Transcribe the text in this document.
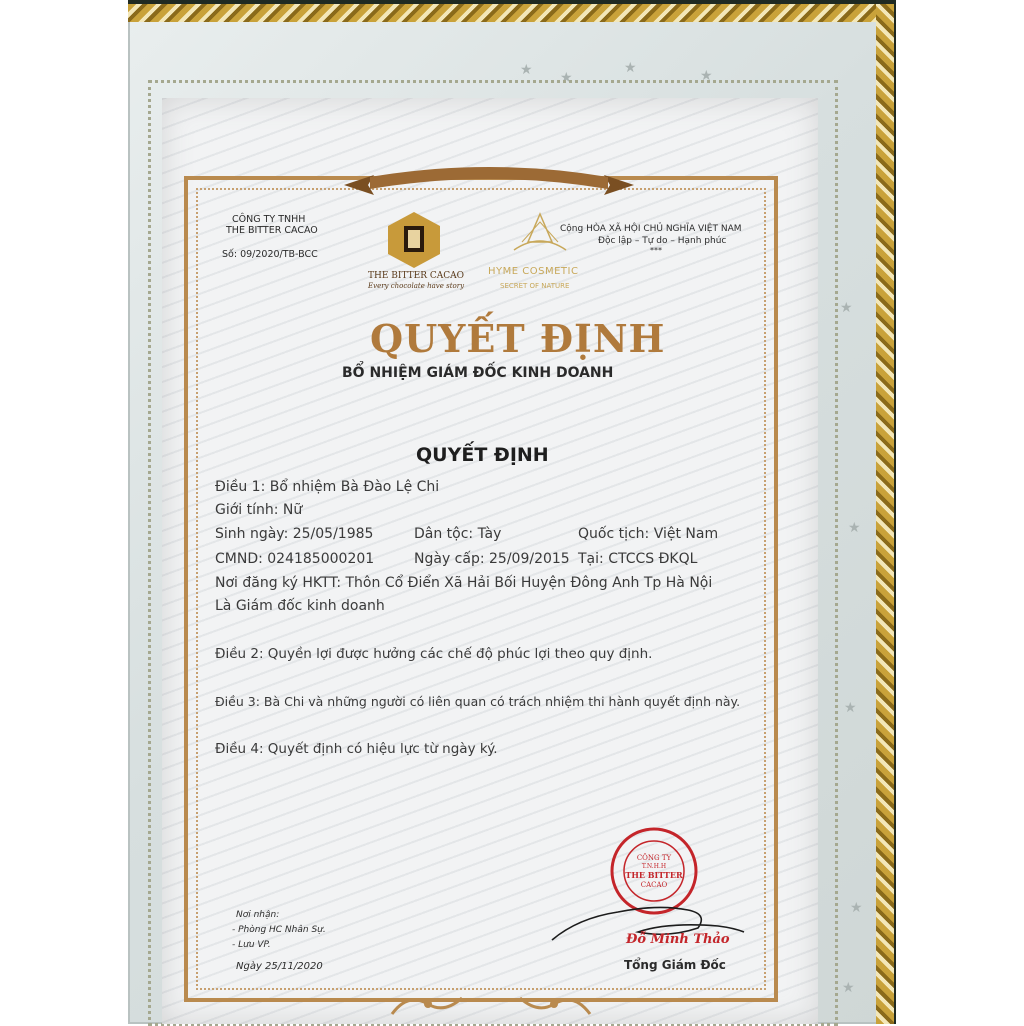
★ ★
★	★
★
★
★
★
★
CÔNG TY TNHH
THE BITTER CACAO
Số: 09/2020/TB-BCC
THE BITTER CACAO
Every chocolate have story
HYME COSMETIC
SECRET OF NATURE
Cộng HÒA XÃ HỘI CHỦ NGHĨA VIỆT NAM
Độc lập – Tự do – Hạnh phúc
***
QUYẾT ĐỊNH
BỔ NHIỆM GIÁM ĐỐC KINH DOANH
QUYẾT ĐỊNH
Điều 1: Bổ nhiệm Bà Đào Lệ Chi
Giới tính: Nữ
Sinh ngày: 25/05/1985	Dân tộc: Tày	Quốc tịch: Việt Nam
CMND: 024185000201	Ngày cấp: 25/09/2015 Tại: CTCCS ĐKQL
Nơi đăng ký HKTT: Thôn Cổ Điển Xã Hải Bối Huyện Đông Anh Tp Hà Nội
Là Giám đốc kinh doanh
Điều 2: Quyền lợi được hưởng các chế độ phúc lợi theo quy định.
Điều 3: Bà Chi và những người có liên quan có trách nhiệm thi hành quyết định này.
Điều 4: Quyết định có hiệu lực từ ngày ký.
Nơi nhận:
- Phòng HC Nhân Sự.
- Lưu VP.
Ngày 25/11/2020
CÔNG TY
T.N.H.H
THE BITTER
CACAO
Đỗ Minh Thảo
Tổng Giám Đốc
